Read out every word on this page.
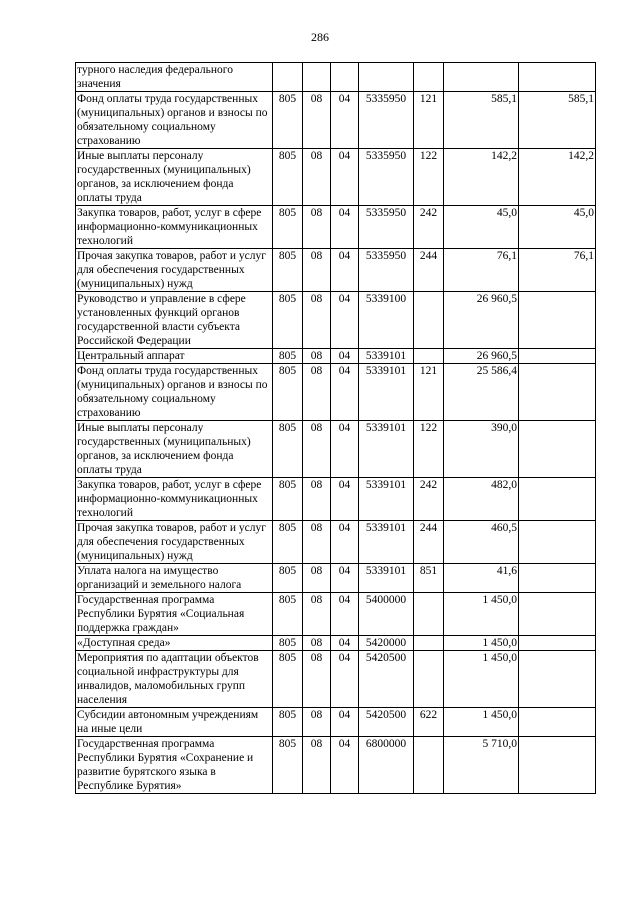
286
турного наследия федерального значения							
Фонд оплаты труда государственных (муниципальных) органов и взносы по обязательному социальному страхованию	805	08	04	5335950	121	585,1	585,1
Иные выплаты персоналу государственных (муниципальных) органов, за исключением фонда оплаты труда	805	08	04	5335950	122	142,2	142,2
Закупка товаров, работ, услуг в сфере информационно-коммуникационных технологий	805	08	04	5335950	242	45,0	45,0
Прочая закупка товаров, работ и услуг для обеспечения государственных (муниципальных) нужд	805	08	04	5335950	244	76,1	76,1
Руководство и управление в сфере установленных функций органов государственной власти субъекта Российской Федерации	805	08	04	5339100		26 960,5	
Центральный аппарат	805	08	04	5339101		26 960,5	
Фонд оплаты труда государственных (муниципальных) органов и взносы по обязательному социальному страхованию	805	08	04	5339101	121	25 586,4	
Иные выплаты персоналу государственных (муниципальных) органов, за исключением фонда оплаты труда	805	08	04	5339101	122	390,0	
Закупка товаров, работ, услуг в сфере информационно-коммуникационных технологий	805	08	04	5339101	242	482,0	
Прочая закупка товаров, работ и услуг для обеспечения государственных (муниципальных) нужд	805	08	04	5339101	244	460,5	
Уплата налога на имущество организаций и земельного налога	805	08	04	5339101	851	41,6	
Государственная программа Республики Бурятия «Социальная поддержка граждан»	805	08	04	5400000		1 450,0	
«Доступная среда»	805	08	04	5420000		1 450,0	
Мероприятия по адаптации объектов социальной инфраструктуры для инвалидов, маломобильных групп населения	805	08	04	5420500		1 450,0	
Субсидии автономным учреждениям на иные цели	805	08	04	5420500	622	1 450,0	
Государственная программа Республики Бурятия «Сохранение и развитие бурятского языка в Республике Бурятия»	805	08	04	6800000		5 710,0	
